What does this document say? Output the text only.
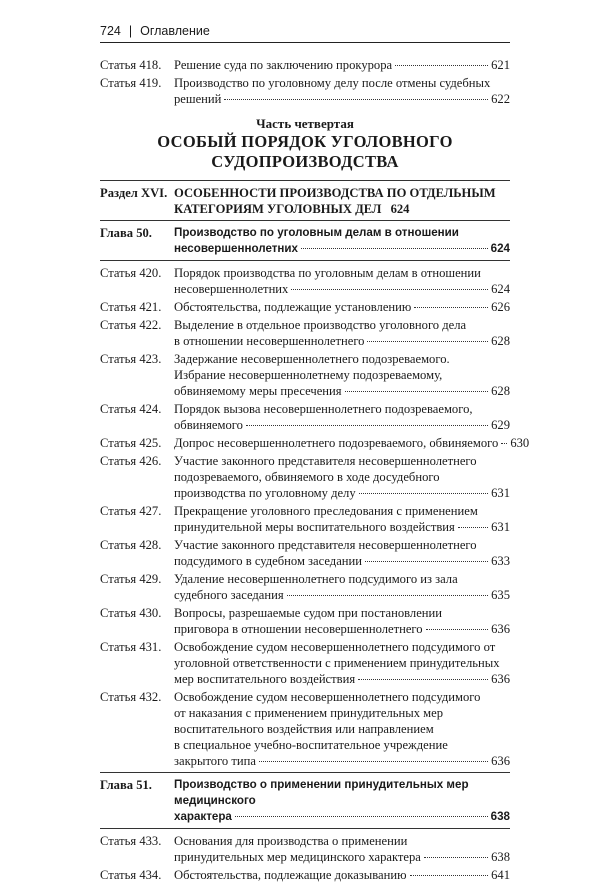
724 | Оглавление
Статья 418.	Решение суда по заключению прокурора	621
Статья 419.	Производство по уголовному делу после отмены судебных
решений	622
Часть четвертая
ОСОБЫЙ ПОРЯДОК УГОЛОВНОГО
СУДОПРОИЗВОДСТВА
Раздел XVI. ОСОБЕННОСТИ ПРОИЗВОДСТВА ПО ОТДЕЛЬНЫМ КАТЕГОРИЯМ УГОЛОВНЫХ ДЕЛ 624
Глава 50.	Производство по уголовным делам в отношении
несовершеннолетних	624
Статья 420.	Порядок производства по уголовным делам в отношении
несовершеннолетних	624
Статья 421.	Обстоятельства, подлежащие установлению	626
Статья 422.	Выделение в отдельное производство уголовного дела
в отношении несовершеннолетнего	628
Статья 423.	Задержание несовершеннолетнего подозреваемого.
Избрание несовершеннолетнему подозреваемому,
обвиняемому меры пресечения	628
Статья 424.	Порядок вызова несовершеннолетнего подозреваемого,
обвиняемого	629
Статья 425.	Допрос несовершеннолетнего подозреваемого, обвиняемого 630
Статья 426.	Участие законного представителя несовершеннолетнего
подозреваемого, обвиняемого в ходе досудебного
производства по уголовному делу	631
Статья 427.	Прекращение уголовного преследования с применением
принудительной меры воспитательного воздействия	631
Статья 428.	Участие законного представителя несовершеннолетнего
подсудимого в судебном заседании	633
Статья 429.	Удаление несовершеннолетнего подсудимого из зала
судебного заседания	635
Статья 430.	Вопросы, разрешаемые судом при постановлении
приговора в отношении несовершеннолетнего	636
Статья 431.	Освобождение судом несовершеннолетнего подсудимого от
уголовной ответственности с применением принудительных
мер воспитательного воздействия	636
Статья 432.	Освобождение судом несовершеннолетнего подсудимого
от наказания с применением принудительных мер
воспитательного воздействия или направлением
в специальное учебно-воспитательное учреждение
закрытого типа	636
Глава 51.	Производство о применении принудительных мер медицинского
характера	638
Статья 433.	Основания для производства о применении
принудительных мер медицинского характера	638
Статья 434.	Обстоятельства, подлежащие доказыванию	641
